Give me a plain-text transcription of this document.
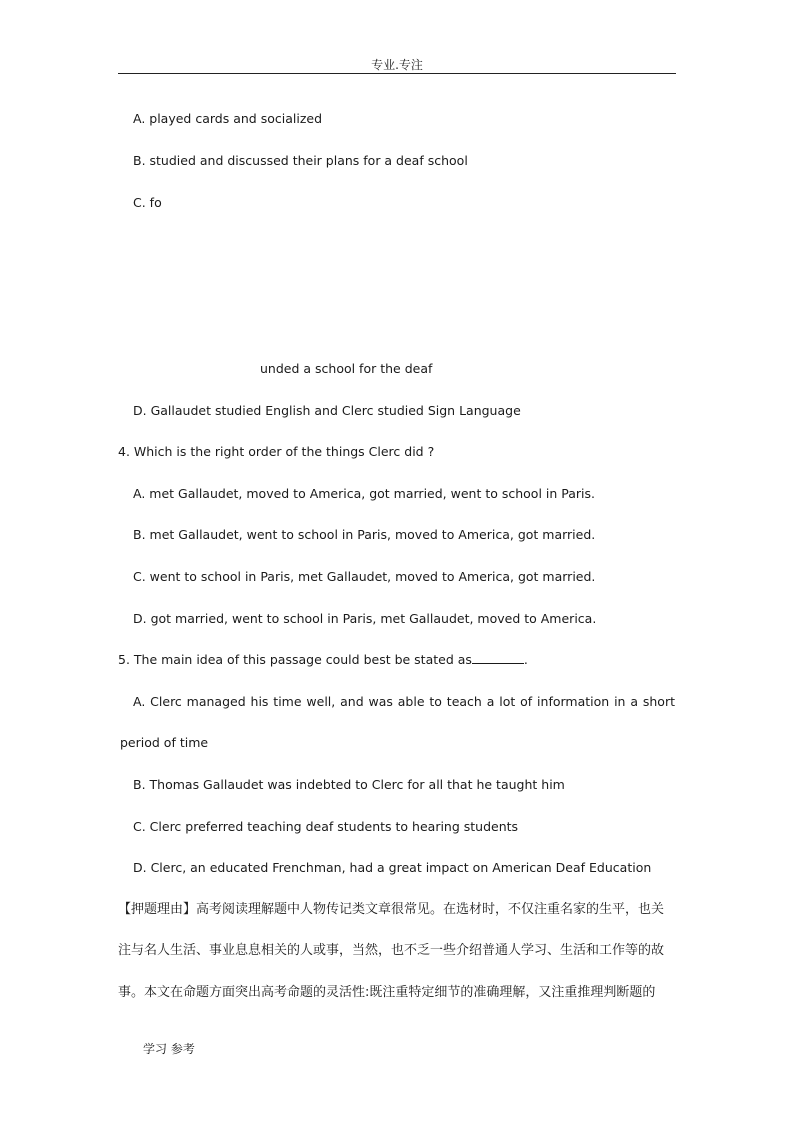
专业.专注
A. played cards and socialized
B. studied and discussed their plans for a deaf school
C. fo
unded a school for the deaf
D. Gallaudet studied English and Clerc studied Sign Language
4. Which is the right order of the things Clerc did ?
A. met Gallaudet, moved to America, got married, went to school in Paris.
B. met Gallaudet, went to school in Paris, moved to America, got married.
C. went to school in Paris, met Gallaudet, moved to America, got married.
D. got married, went to school in Paris, met Gallaudet, moved to America.
5. The main idea of this passage could best be stated as	.
A. Clerc managed his time well, and was able to teach a lot of information in a short
period of time
B. Thomas Gallaudet was indebted to Clerc for all that he taught him
C. Clerc preferred teaching deaf students to hearing students
D. Clerc, an educated Frenchman, had a great impact on American Deaf Education
【押题理由】高考阅读理解题中人物传记类文章很常见。在选材时，不仅注重名家的生平，也关
注与名人生活、事业息息相关的人或事，当然，也不乏一些介绍普通人学习、生活和工作等的故
事。本文在命题方面突出高考命题的灵活性:既注重特定细节的准确理解，又注重推理判断题的
学习 参考
